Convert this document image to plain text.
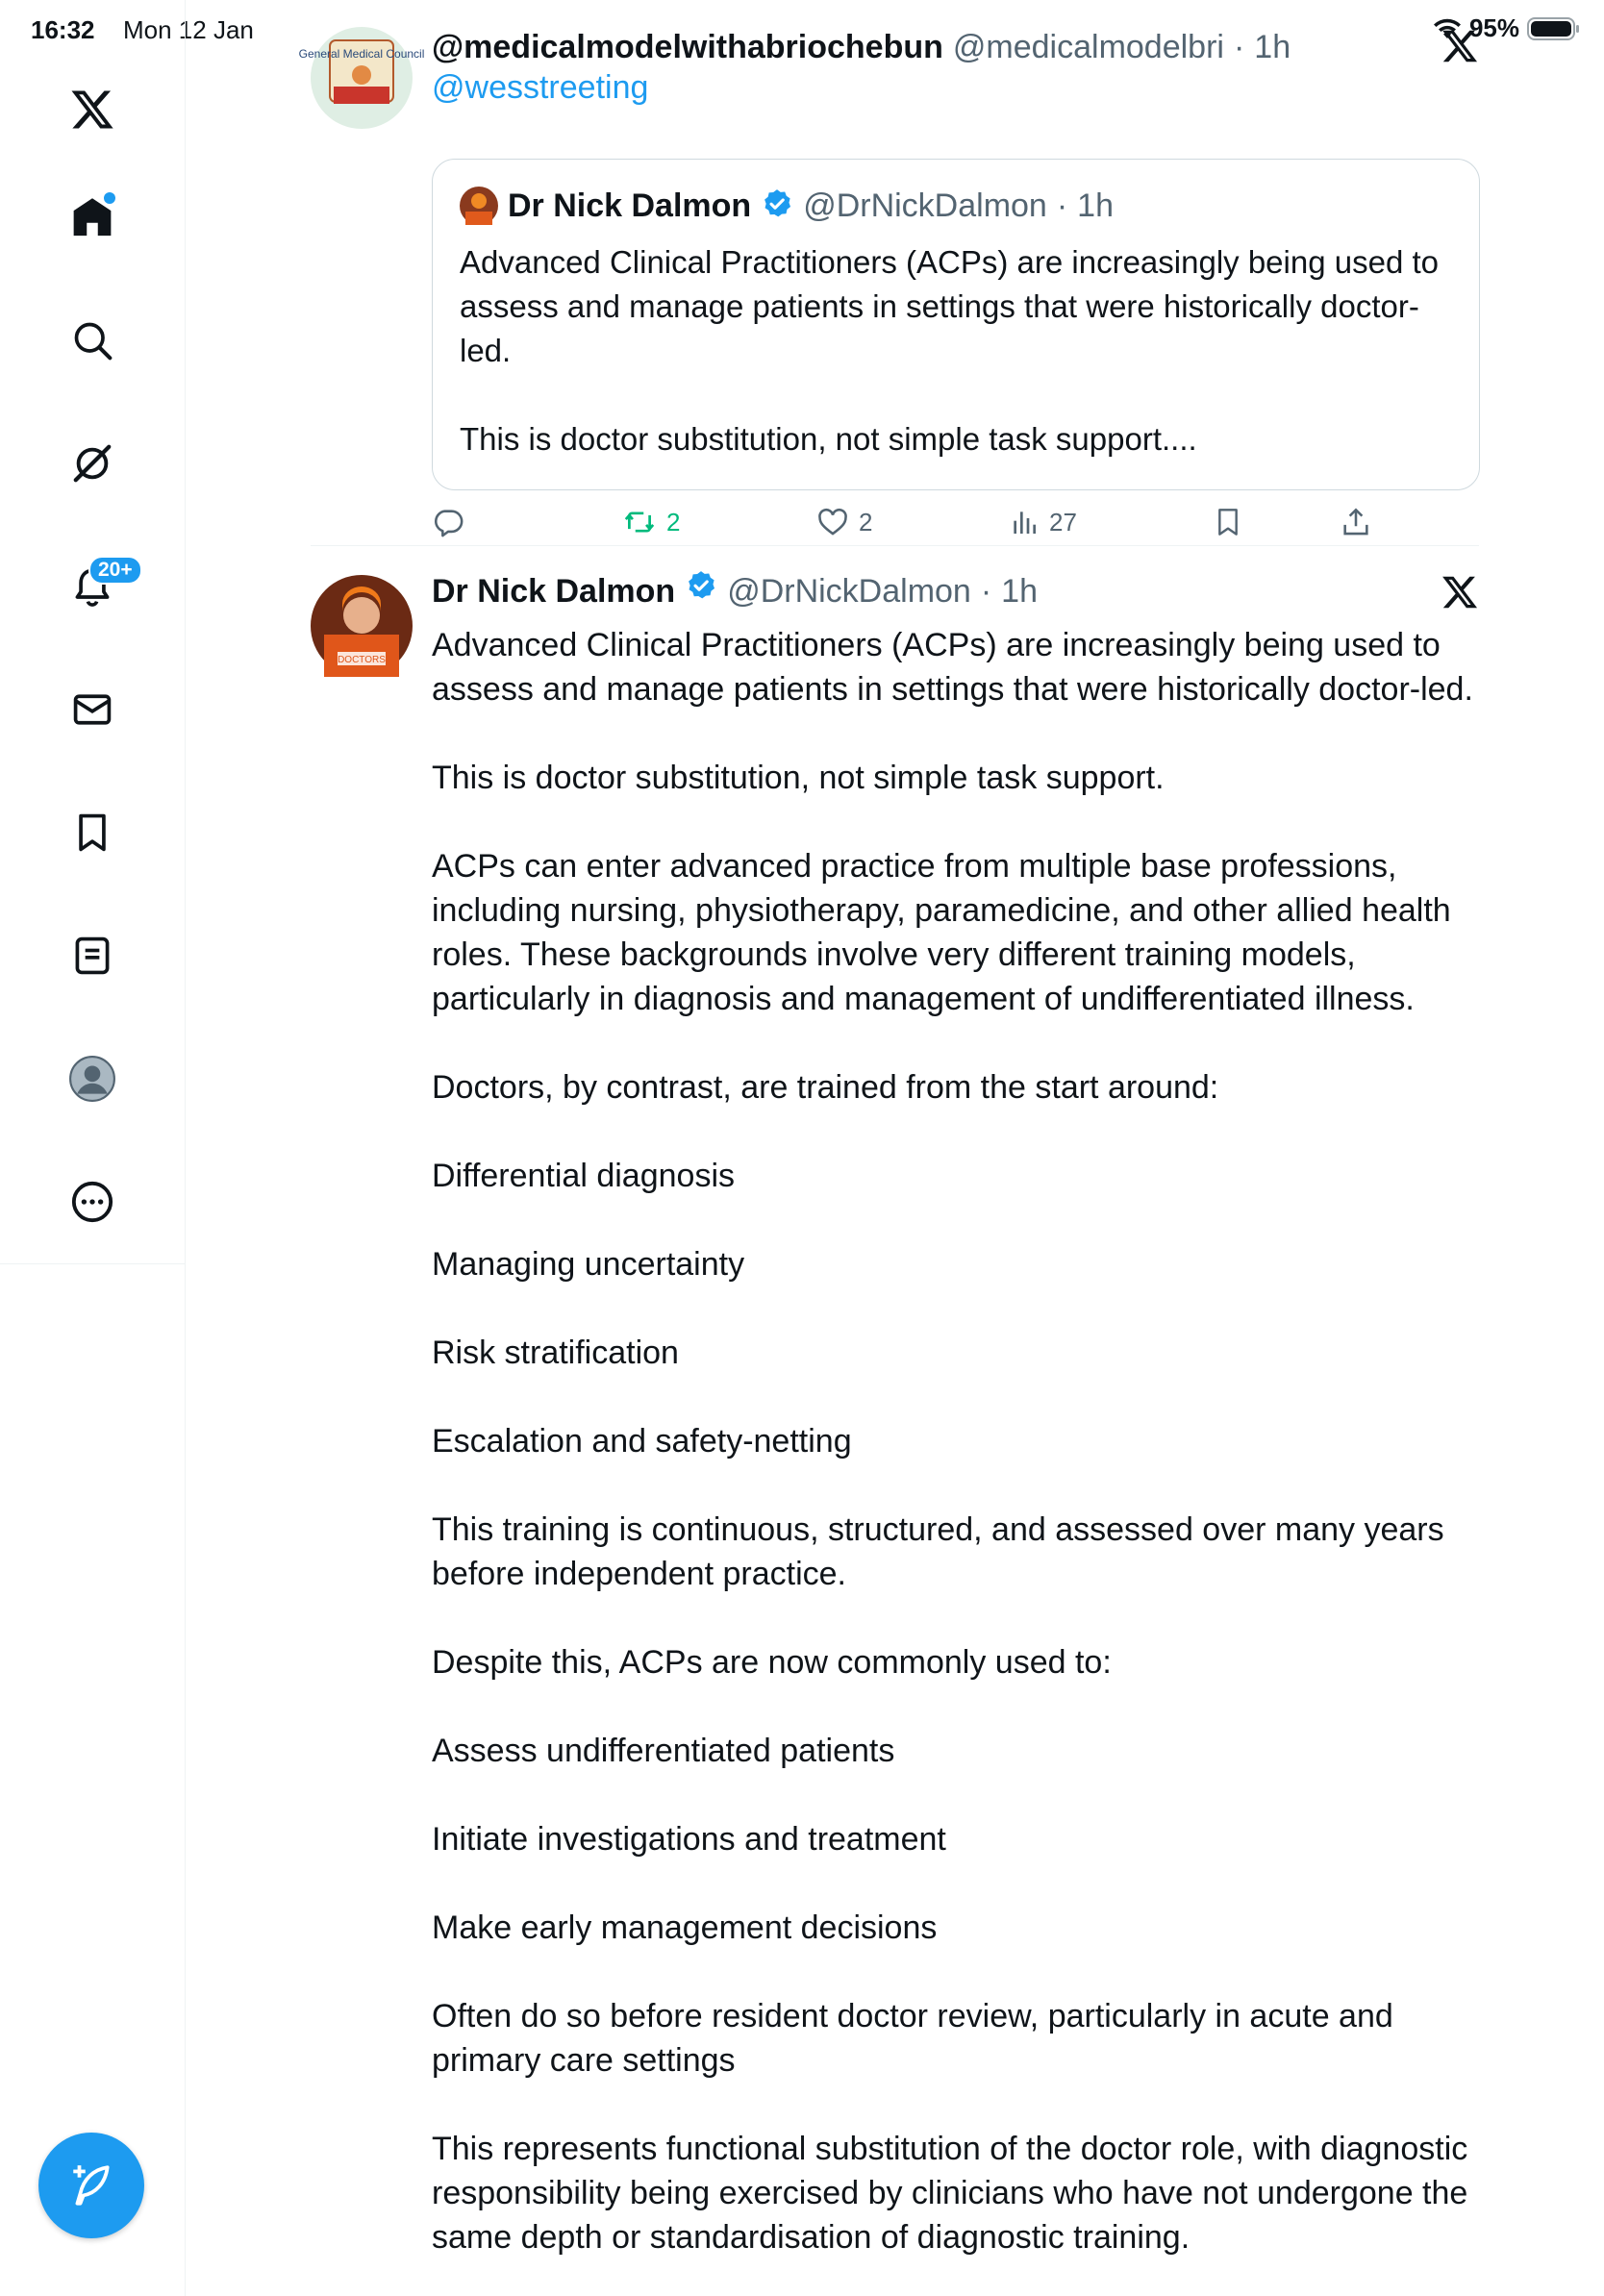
16:32 Mon 12 Jan	95%
20+
General Medical Council @medicalmodelwithabriochebun @medicalmodelbri · 1h
@wesstreeting
Dr Nick Dalmon @DrNickDalmon · 1h
Advanced Clinical Practitioners (ACPs) are increasingly being used to assess and manage patients in settings that were historically doctor-led.

This is doctor substitution, not simple task support....
2	2	27
DOCTORS
Dr Nick Dalmon @DrNickDalmon · 1h
Advanced Clinical Practitioners (ACPs) are increasingly being used to assess and manage patients in settings that were historically doctor-led.

This is doctor substitution, not simple task support.

ACPs can enter advanced practice from multiple base professions, including nursing, physiotherapy, paramedicine, and other allied health roles. These backgrounds involve very different training models, particularly in diagnosis and management of undifferentiated illness.

Doctors, by contrast, are trained from the start around:

Differential diagnosis

Managing uncertainty

Risk stratification

Escalation and safety-netting

This training is continuous, structured, and assessed over many years before independent practice.

Despite this, ACPs are now commonly used to:

Assess undifferentiated patients

Initiate investigations and treatment

Make early management decisions

Often do so before resident doctor review, particularly in acute and primary care settings

This represents functional substitution of the doctor role, with diagnostic responsibility being exercised by clinicians who have not undergone the same depth or standardisation of diagnostic training.
